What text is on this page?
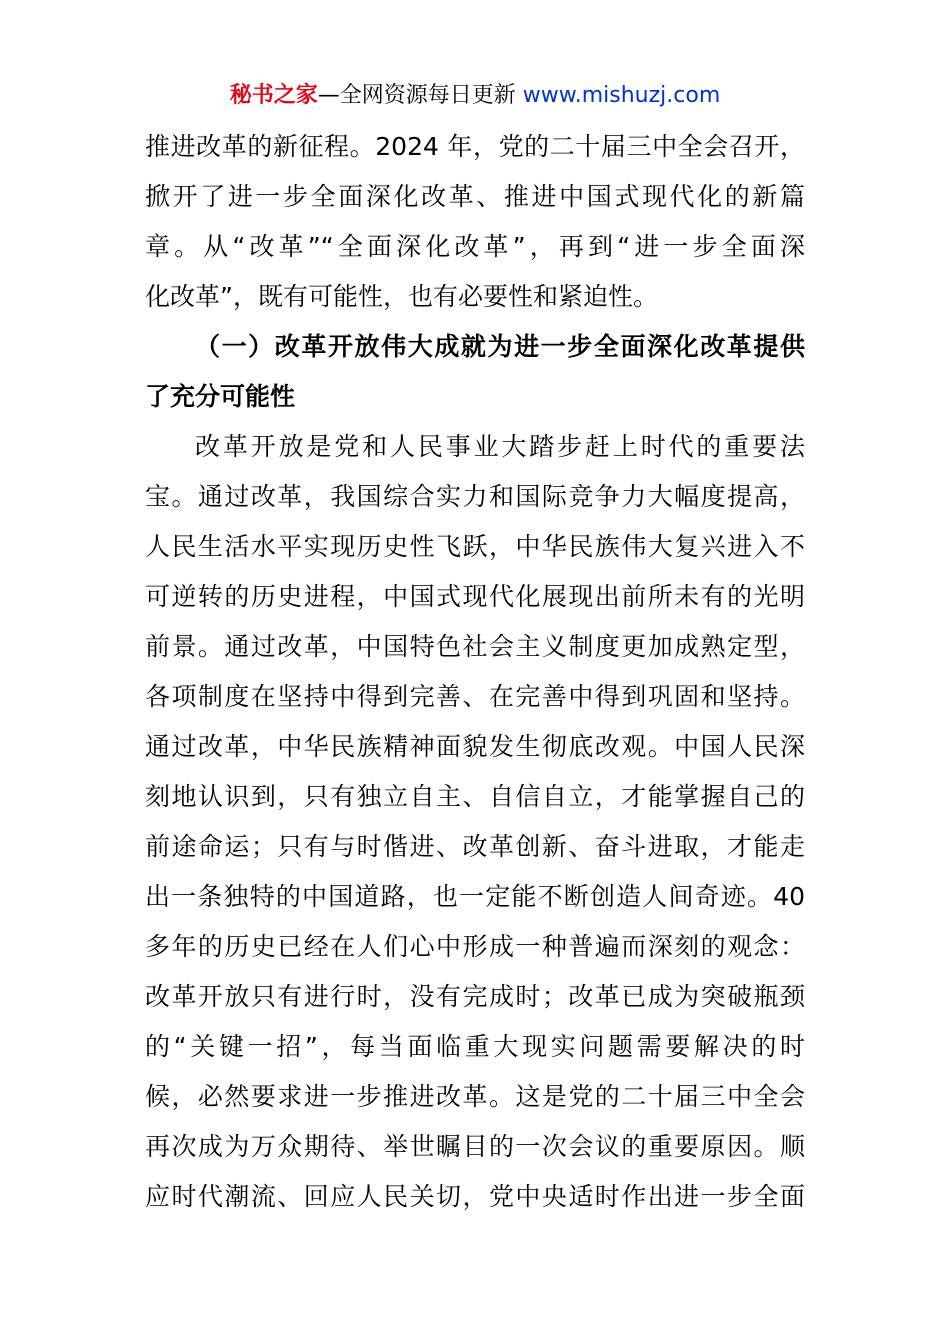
秘书之家—全网资源每日更新 www.mishuzj.com
推进改革的新征程。2024 年，党的二十届三中全会召开，
掀开了进一步全面深化改革、推进中国式现代化的新篇
章。从“改革”“全面深化改革”，再到“进一步全面深
化改革”，既有可能性，也有必要性和紧迫性。
（一）改革开放伟大成就为进一步全面深化改革提供
了充分可能性
改革开放是党和人民事业大踏步赶上时代的重要法
宝。通过改革，我国综合实力和国际竞争力大幅度提高，
人民生活水平实现历史性飞跃，中华民族伟大复兴进入不
可逆转的历史进程，中国式现代化展现出前所未有的光明
前景。通过改革，中国特色社会主义制度更加成熟定型，
各项制度在坚持中得到完善、在完善中得到巩固和坚持。
通过改革，中华民族精神面貌发生彻底改观。中国人民深
刻地认识到，只有独立自主、自信自立，才能掌握自己的
前途命运；只有与时偕进、改革创新、奋斗进取，才能走
出一条独特的中国道路，也一定能不断创造人间奇迹。40
多年的历史已经在人们心中形成一种普遍而深刻的观念：
改革开放只有进行时，没有完成时；改革已成为突破瓶颈
的“关键一招”，每当面临重大现实问题需要解决的时
候，必然要求进一步推进改革。这是党的二十届三中全会
再次成为万众期待、举世瞩目的一次会议的重要原因。顺
应时代潮流、回应人民关切，党中央适时作出进一步全面
